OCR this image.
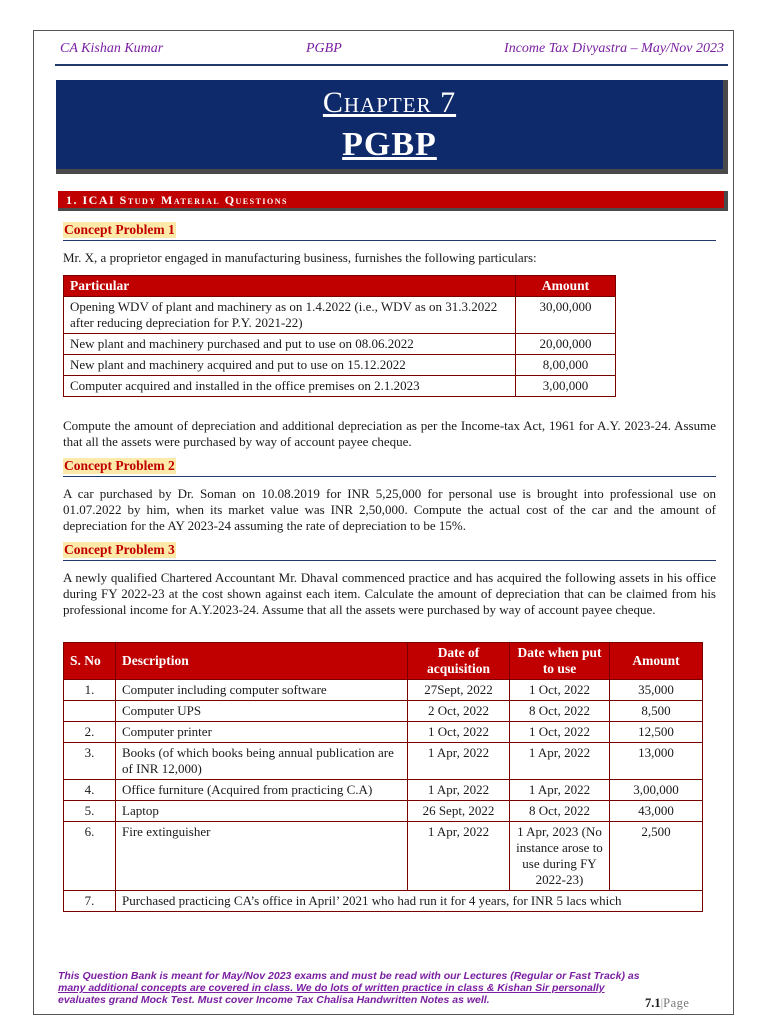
CA Kishan Kumar	PGBP	Income Tax Divyastra – May/Nov 2023
Chapter 7
PGBP
1. ICAI Study Material Questions
Concept Problem 1
Mr. X, a proprietor engaged in manufacturing business, furnishes the following particulars:
Particular	Amount
Opening WDV of plant and machinery as on 1.4.2022 (i.e., WDV as on 31.3.2022 after reducing depreciation for P.Y. 2021-22)	30,00,000
New plant and machinery purchased and put to use on 08.06.2022	20,00,000
New plant and machinery acquired and put to use on 15.12.2022	8,00,000
Computer acquired and installed in the office premises on 2.1.2023	3,00,000
Compute the amount of depreciation and additional depreciation as per the Income-tax Act, 1961 for A.Y. 2023-24. Assume that all the assets were purchased by way of account payee cheque.
Concept Problem 2
A car purchased by Dr. Soman on 10.08.2019 for INR 5,25,000 for personal use is brought into professional use on 01.07.2022 by him, when its market value was INR 2,50,000. Compute the actual cost of the car and the amount of depreciation for the AY 2023-24 assuming the rate of depreciation to be 15%.
Concept Problem 3
A newly qualified Chartered Accountant Mr. Dhaval commenced practice and has acquired the following assets in his office during FY 2022-23 at the cost shown against each item. Calculate the amount of depreciation that can be claimed from his professional income for A.Y.2023-24. Assume that all the assets were purchased by way of account payee cheque.
S. No	Description	Date of acquisition	Date when put to use	Amount
1.	Computer including computer software	27Sept, 2022	1 Oct, 2022	35,000
	Computer UPS	2 Oct, 2022	8 Oct, 2022	8,500
2.	Computer printer	1 Oct, 2022	1 Oct, 2022	12,500
3.	Books (of which books being annual publication are of INR 12,000)	1 Apr, 2022	1 Apr, 2022	13,000
4.	Office furniture (Acquired from practicing C.A)	1 Apr, 2022	1 Apr, 2022	3,00,000
5.	Laptop	26 Sept, 2022	8 Oct, 2022	43,000
6.	Fire extinguisher	1 Apr, 2022	1 Apr, 2023 (No instance arose to use during FY 2022-23)	2,500
7.	Purchased practicing CA’s office in April’ 2021 who had run it for 4 years, for INR 5 lacs which			
This Question Bank is meant for May/Nov 2023 exams and must be read with our Lectures (Regular or Fast Track) as
many additional concepts are covered in class. We do lots of written practice in class & Kishan Sir personally
evaluates grand Mock Test. Must cover Income Tax Chalisa Handwritten Notes as well.	7.1|Page
